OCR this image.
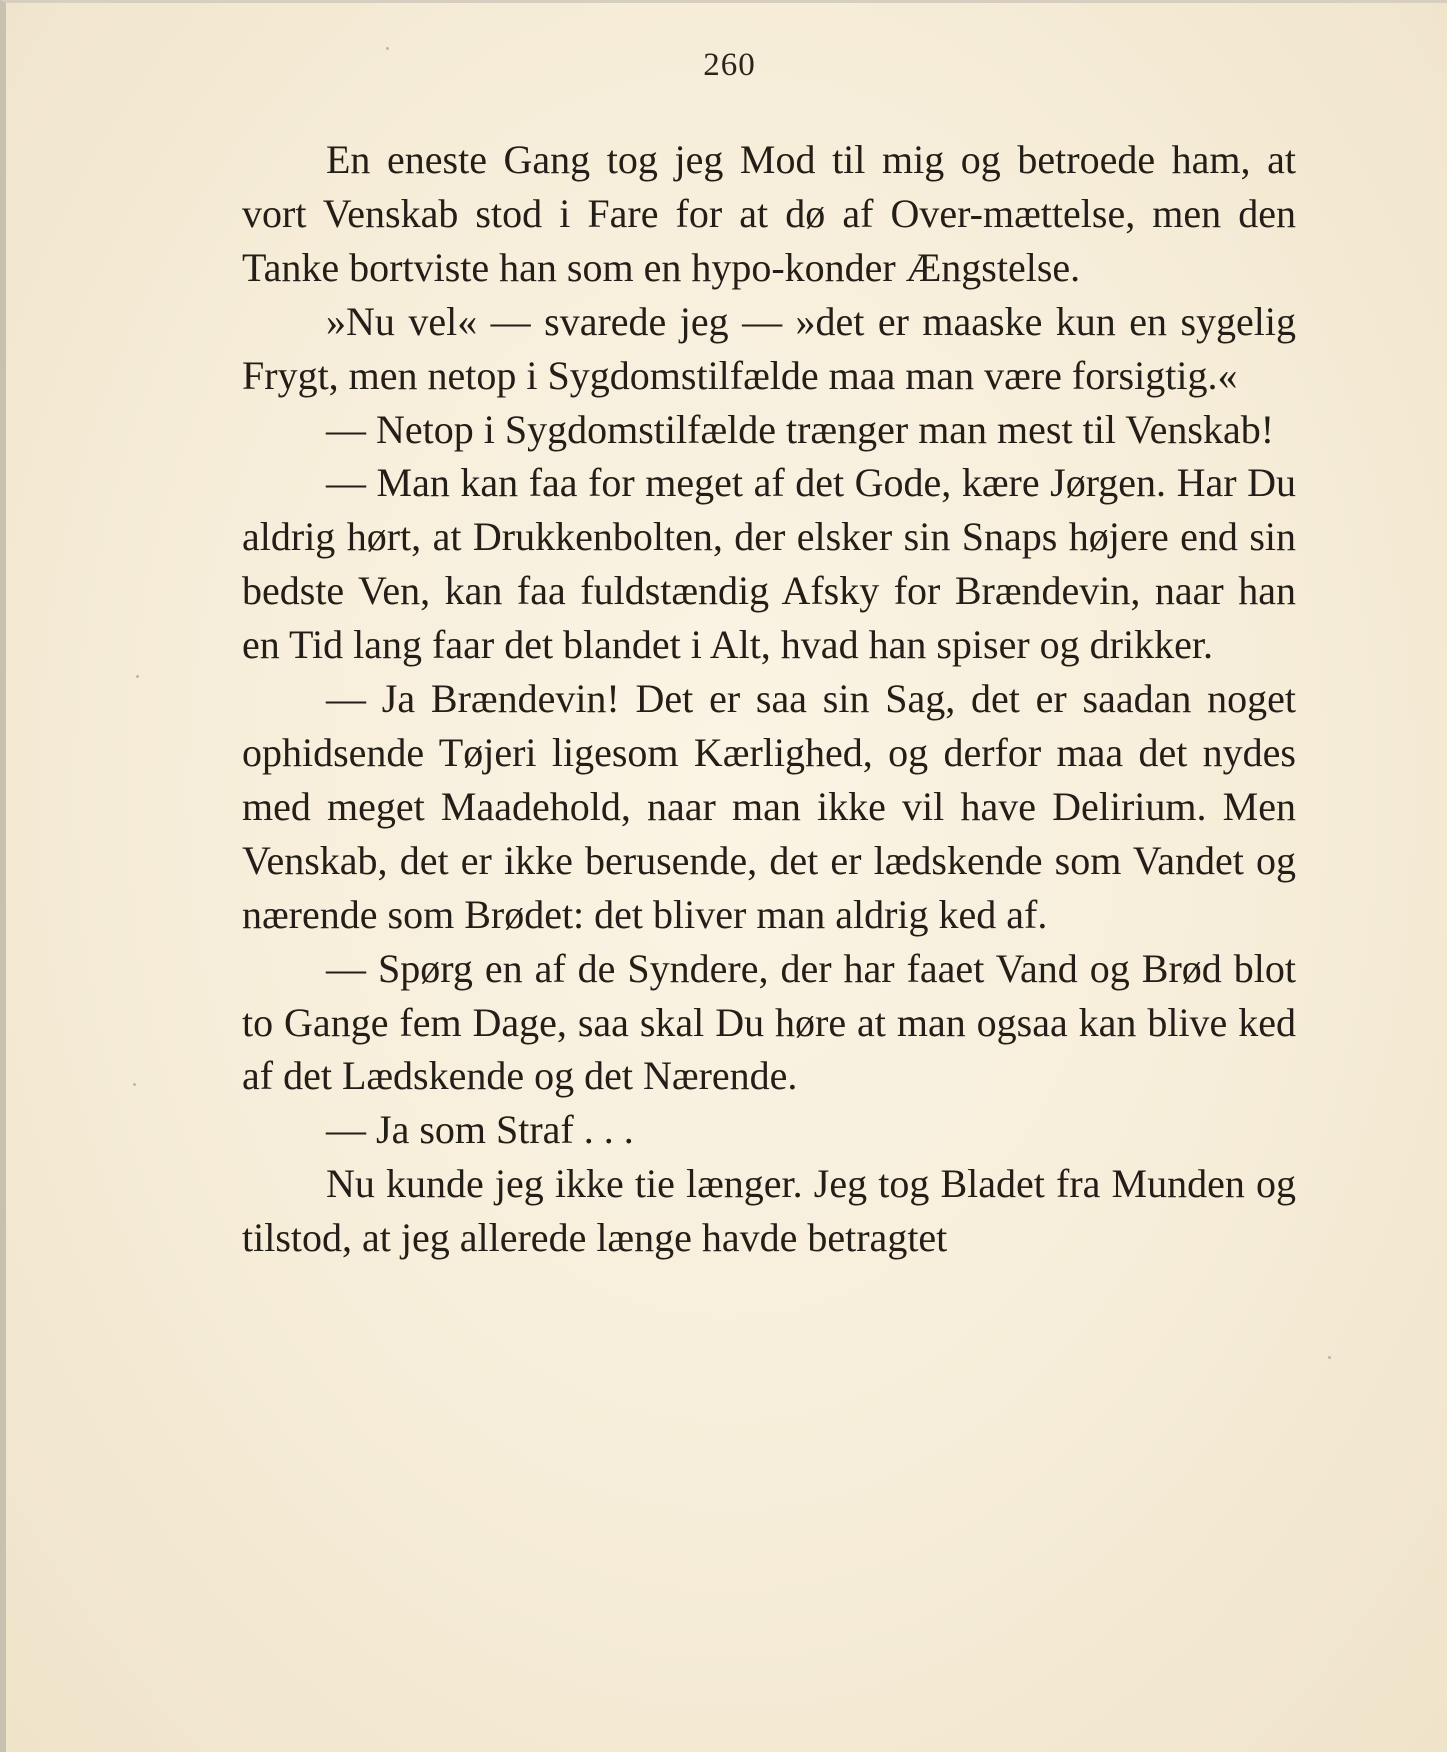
260

En eneste Gang tog jeg Mod til mig og betroede ham, at vort Venskab stod i Fare for at dø af Over-mættelse, men den Tanke bortviste han som en hypo-konder Ængstelse.

»Nu vel« — svarede jeg — »det er maaske kun en sygelig Frygt, men netop i Sygdomstilfælde maa man være forsigtig.«

— Netop i Sygdomstilfælde trænger man mest til Venskab!

— Man kan faa for meget af det Gode, kære Jørgen. Har Du aldrig hørt, at Drukkenbolten, der elsker sin Snaps højere end sin bedste Ven, kan faa fuldstændig Afsky for Brændevin, naar han en Tid lang faar det blandet i Alt, hvad han spiser og drikker.

— Ja Brændevin! Det er saa sin Sag, det er saadan noget ophidsende Tøjeri ligesom Kærlighed, og derfor maa det nydes med meget Maadehold, naar man ikke vil have Delirium. Men Venskab, det er ikke berusende, det er lædskende som Vandet og nærende som Brødet: det bliver man aldrig ked af.

— Spørg en af de Syndere, der har faaet Vand og Brød blot to Gange fem Dage, saa skal Du høre at man ogsaa kan blive ked af det Lædskende og det Nærende.

— Ja som Straf . . .

Nu kunde jeg ikke tie længer. Jeg tog Bladet fra Munden og tilstod, at jeg allerede længe havde betragtet
